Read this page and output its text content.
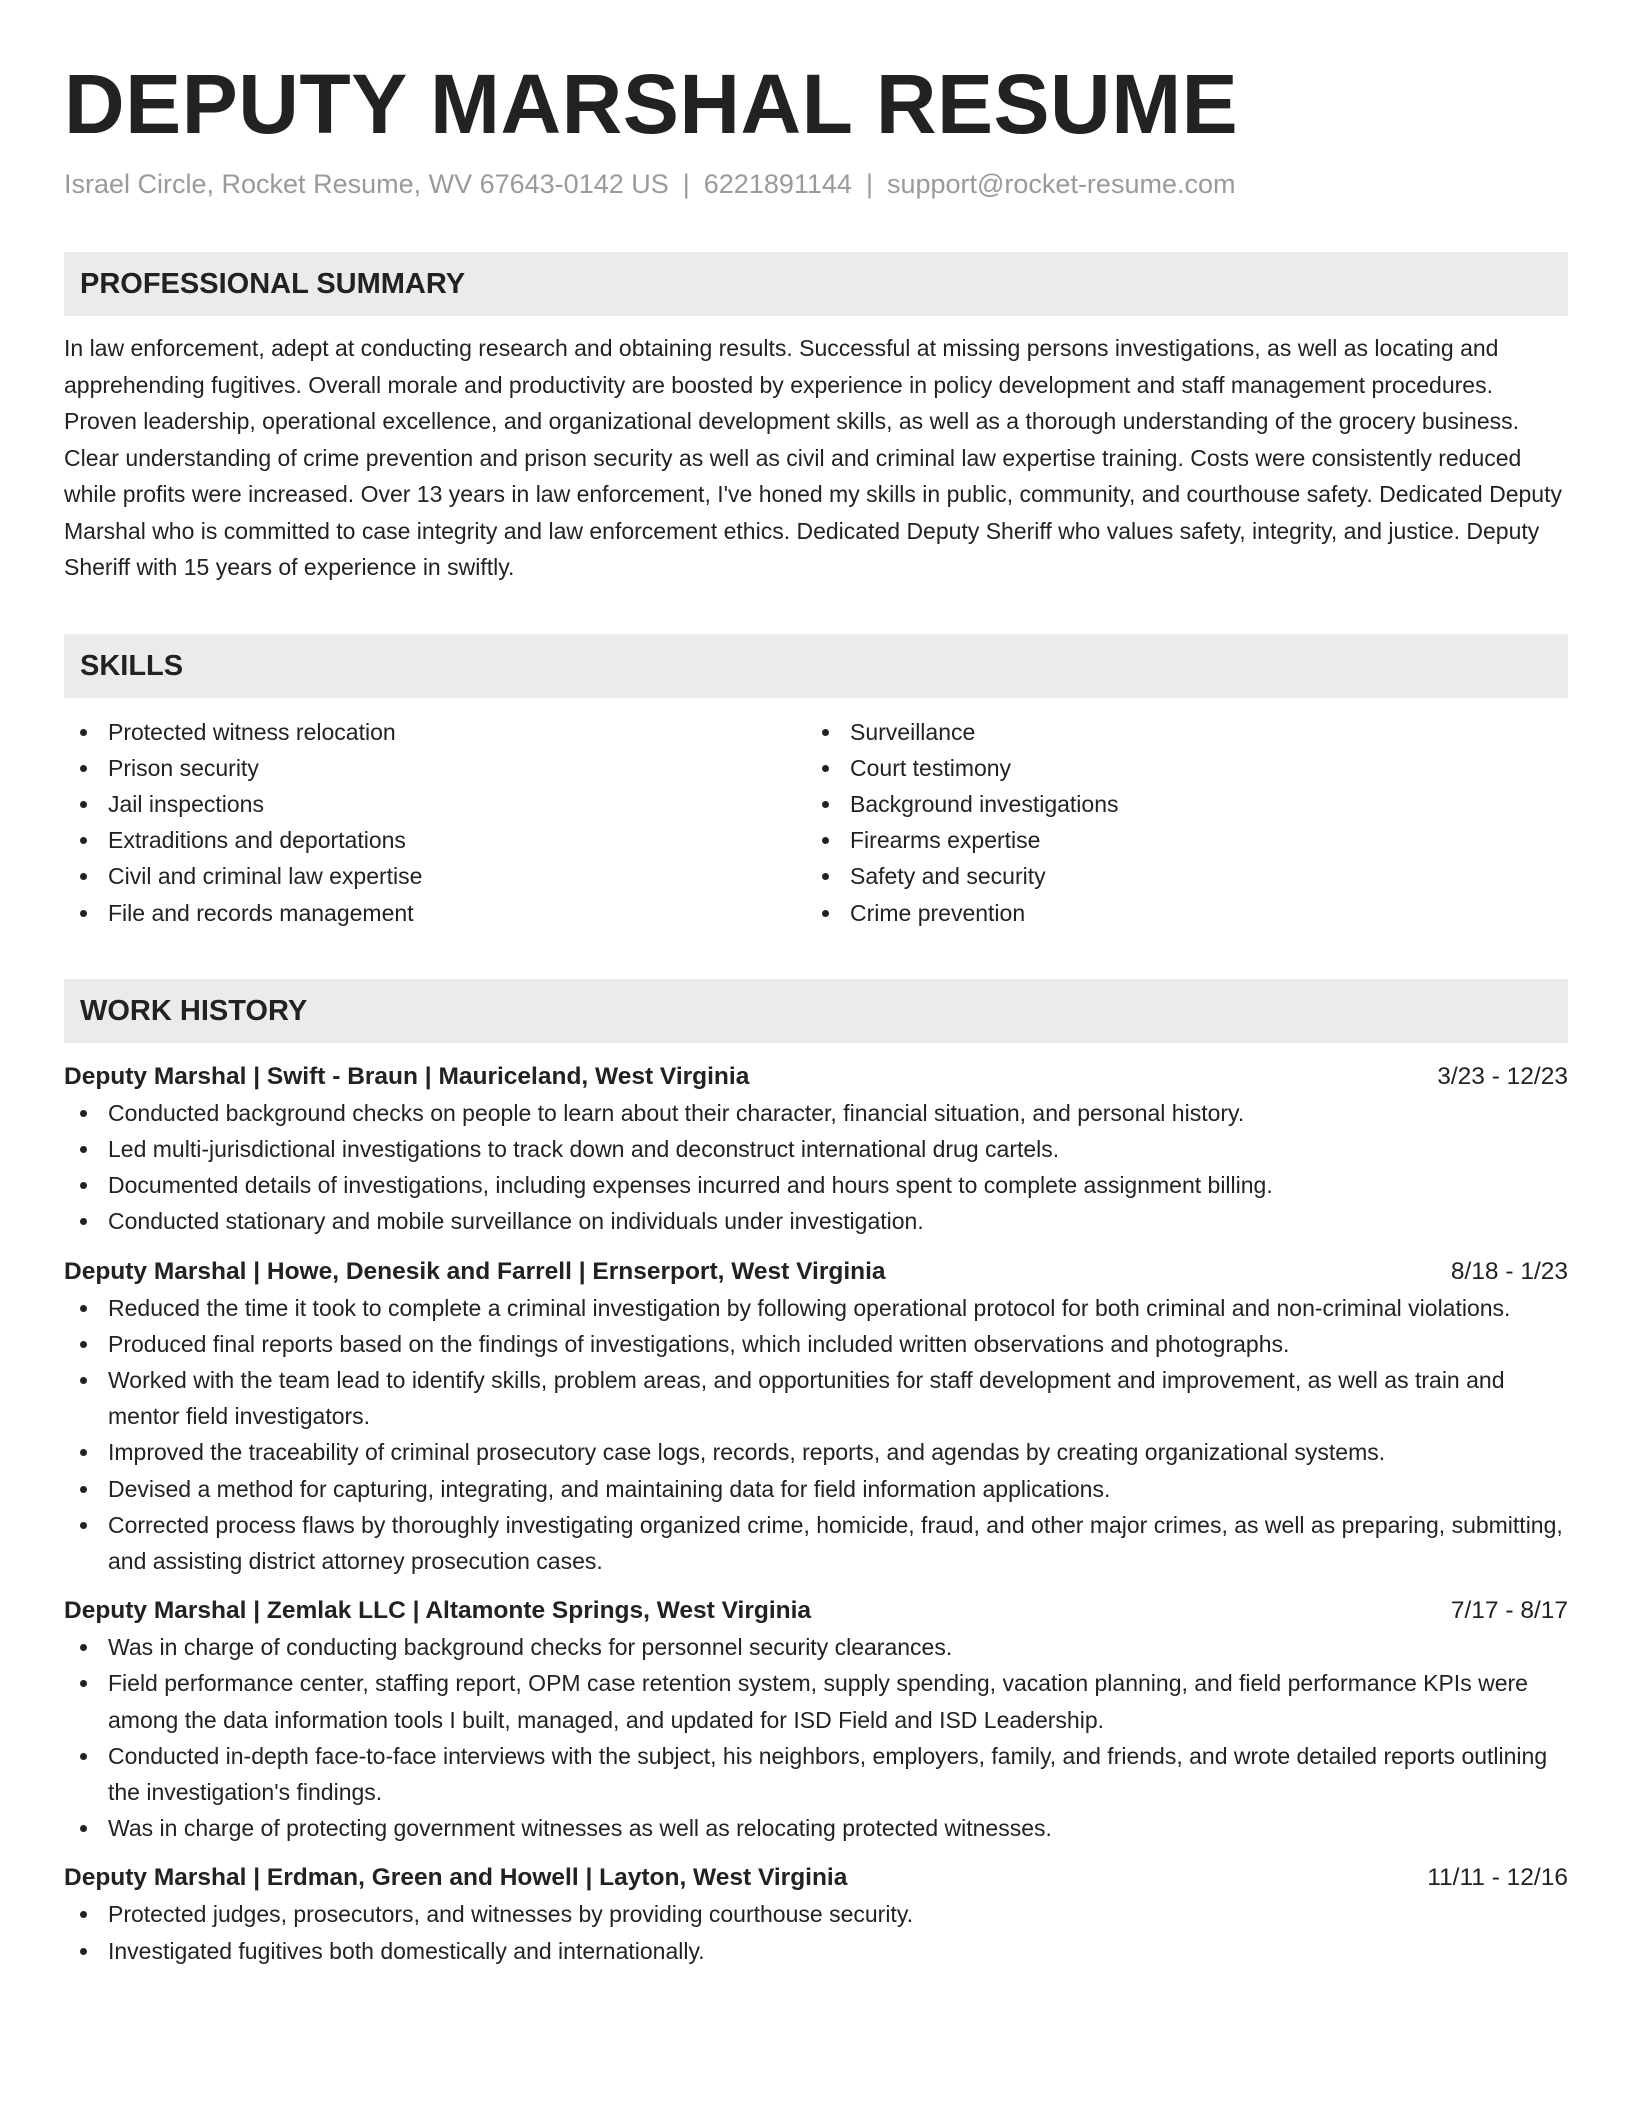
DEPUTY MARSHAL RESUME
Israel Circle, Rocket Resume, WV 67643-0142 US | 6221891144 | support@rocket-resume.com
PROFESSIONAL SUMMARY
In law enforcement, adept at conducting research and obtaining results. Successful at missing persons investigations, as well as locating and apprehending fugitives. Overall morale and productivity are boosted by experience in policy development and staff management procedures. Proven leadership, operational excellence, and organizational development skills, as well as a thorough understanding of the grocery business. Clear understanding of crime prevention and prison security as well as civil and criminal law expertise training. Costs were consistently reduced while profits were increased. Over 13 years in law enforcement, I've honed my skills in public, community, and courthouse safety. Dedicated Deputy Marshal who is committed to case integrity and law enforcement ethics. Dedicated Deputy Sheriff who values safety, integrity, and justice. Deputy Sheriff with 15 years of experience in swiftly.
SKILLS
Protected witness relocation
Prison security
Jail inspections
Extraditions and deportations
Civil and criminal law expertise
File and records management
Surveillance
Court testimony
Background investigations
Firearms expertise
Safety and security
Crime prevention
WORK HISTORY
Deputy Marshal | Swift - Braun | Mauriceland, West Virginia	3/23 - 12/23
Conducted background checks on people to learn about their character, financial situation, and personal history.
Led multi-jurisdictional investigations to track down and deconstruct international drug cartels.
Documented details of investigations, including expenses incurred and hours spent to complete assignment billing.
Conducted stationary and mobile surveillance on individuals under investigation.
Deputy Marshal | Howe, Denesik and Farrell | Ernserport, West Virginia	8/18 - 1/23
Reduced the time it took to complete a criminal investigation by following operational protocol for both criminal and non-criminal violations.
Produced final reports based on the findings of investigations, which included written observations and photographs.
Worked with the team lead to identify skills, problem areas, and opportunities for staff development and improvement, as well as train and mentor field investigators.
Improved the traceability of criminal prosecutory case logs, records, reports, and agendas by creating organizational systems.
Devised a method for capturing, integrating, and maintaining data for field information applications.
Corrected process flaws by thoroughly investigating organized crime, homicide, fraud, and other major crimes, as well as preparing, submitting, and assisting district attorney prosecution cases.
Deputy Marshal | Zemlak LLC | Altamonte Springs, West Virginia	7/17 - 8/17
Was in charge of conducting background checks for personnel security clearances.
Field performance center, staffing report, OPM case retention system, supply spending, vacation planning, and field performance KPIs were among the data information tools I built, managed, and updated for ISD Field and ISD Leadership.
Conducted in-depth face-to-face interviews with the subject, his neighbors, employers, family, and friends, and wrote detailed reports outlining the investigation's findings.
Was in charge of protecting government witnesses as well as relocating protected witnesses.
Deputy Marshal | Erdman, Green and Howell | Layton, West Virginia	11/11 - 12/16
Protected judges, prosecutors, and witnesses by providing courthouse security.
Investigated fugitives both domestically and internationally.
